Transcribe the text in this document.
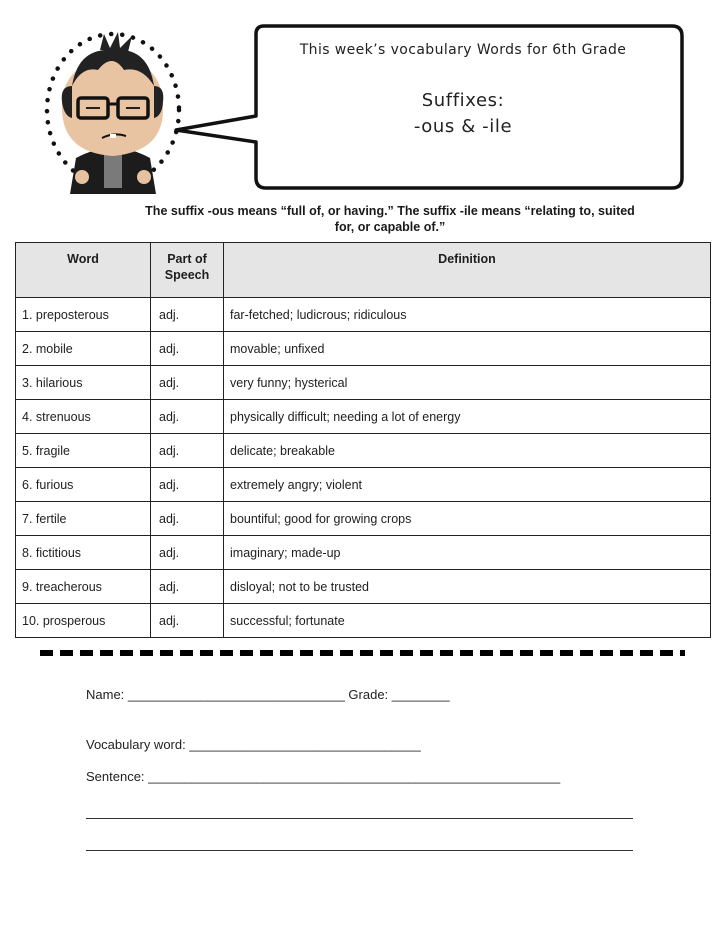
This week’s vocabulary Words for 6th Grade
Suffixes:
-ous & -ile
The suffix -ous means “full of, or having.” The suffix -ile means “relating to, suited for, or capable of.”
Word	Part of Speech	Definition
1. preposterous	adj.	far-fetched; ludicrous; ridiculous
2. mobile	adj.	movable; unfixed
3. hilarious	adj.	very funny; hysterical
4. strenuous	adj.	physically difficult; needing a lot of energy
5. fragile	adj.	delicate; breakable
6. furious	adj.	extremely angry; violent
7. fertile	adj.	bountiful; good for growing crops
8. fictitious	adj.	imaginary; made-up
9. treacherous	adj.	disloyal; not to be trusted
10. prosperous	adj.	successful; fortunate
Name: ______________________________ Grade: ________
Vocabulary word: ________________________________
Sentence: _________________________________________________________
